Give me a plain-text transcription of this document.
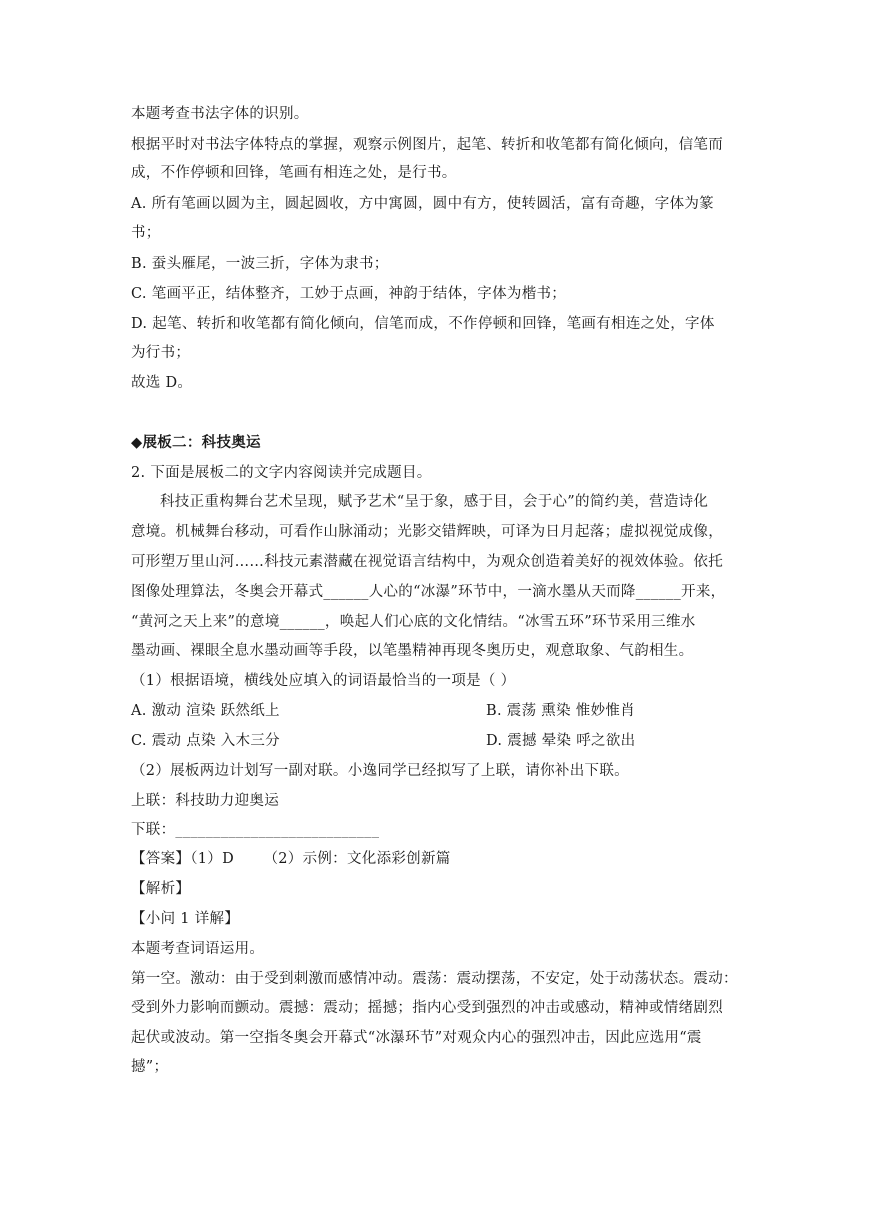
本题考查书法字体的识别。
根据平时对书法字体特点的掌握，观察示例图片，起笔、转折和收笔都有简化倾向，信笔而
成，不作停顿和回锋，笔画有相连之处，是行书。
A. 所有笔画以圆为主，圆起圆收，方中寓圆，圆中有方，使转圆活，富有奇趣，字体为篆
书；
B. 蚕头雁尾，一波三折，字体为隶书；
C. 笔画平正，结体整齐，工妙于点画，神韵于结体，字体为楷书；
D. 起笔、转折和收笔都有简化倾向，信笔而成，不作停顿和回锋，笔画有相连之处，字体
为行书；
故选 D。
◆展板二：科技奥运
2. 下面是展板二的文字内容阅读并完成题目。
科技正重构舞台艺术呈现，赋予艺术“呈于象，感于目，会于心”的简约美，营造诗化
意境。机械舞台移动，可看作山脉涌动；光影交错辉映，可译为日月起落；虚拟视觉成像，
可形塑万里山河……科技元素潜藏在视觉语言结构中，为观众创造着美好的视效体验。依托
图像处理算法，冬奥会开幕式______人心的“冰瀑”环节中，一滴水墨从天而降______开来，
“黄河之天上来”的意境______，唤起人们心底的文化情结。“冰雪五环”环节采用三维水
墨动画、裸眼全息水墨动画等手段，以笔墨精神再现冬奥历史，观意取象、气韵相生。
（1）根据语境，横线处应填入的词语最恰当的一项是（ ）
A. 激动 渲染 跃然纸上	B. 震荡 熏染 惟妙惟肖
C. 震动 点染 入木三分	D. 震撼 晕染 呼之欲出
（2）展板两边计划写一副对联。小逸同学已经拟写了上联，请你补出下联。
上联：科技助力迎奥运
下联：___________________________
【答案】（1）D      （2）示例：文化添彩创新篇
【解析】
【小问 1 详解】
本题考查词语运用。
第一空。激动：由于受到刺激而感情冲动。震荡：震动摆荡，不安定，处于动荡状态。震动：
受到外力影响而颤动。震撼：震动；摇撼；指内心受到强烈的冲击或感动，精神或情绪剧烈
起伏或波动。第一空指冬奥会开幕式“冰瀑环节”对观众内心的强烈冲击，因此应选用“震
撼”；
